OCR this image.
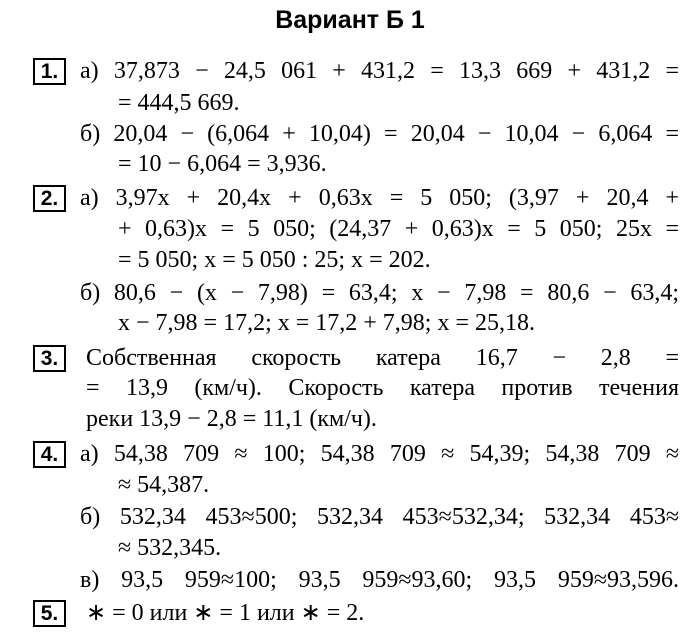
Вариант Б 1
1. а) 37,873 − 24,5 061 + 431,2 = 13,3 669 + 431,2 =
= 444,5 669.
б) 20,04 − (6,064 + 10,04) = 20,04 − 10,04 − 6,064 =
= 10 − 6,064 = 3,936.
2. а) 3,97x + 20,4x + 0,63x = 5 050; (3,97 + 20,4 +
+ 0,63)x = 5 050; (24,37 + 0,63)x = 5 050; 25x =
= 5 050; x = 5 050 : 25; x = 202.
б) 80,6 − (x − 7,98) = 63,4; x − 7,98 = 80,6 − 63,4;
x − 7,98 = 17,2; x = 17,2 + 7,98; x = 25,18.
3.	Собственная скорость катера 16,7 − 2,8 =
= 13,9 (км/ч). Скорость катера против течения
реки 13,9 − 2,8 = 11,1 (км/ч).
4. а) 54,38 709 ≈ 100; 54,38 709 ≈ 54,39; 54,38 709 ≈
≈ 54,387.
б) 532,34 453≈500; 532,34 453≈532,34; 532,34 453≈
≈ 532,345.
в) 93,5 959≈100; 93,5 959≈93,60; 93,5 959≈93,596.
5.	∗ = 0 или ∗ = 1 или ∗ = 2.
